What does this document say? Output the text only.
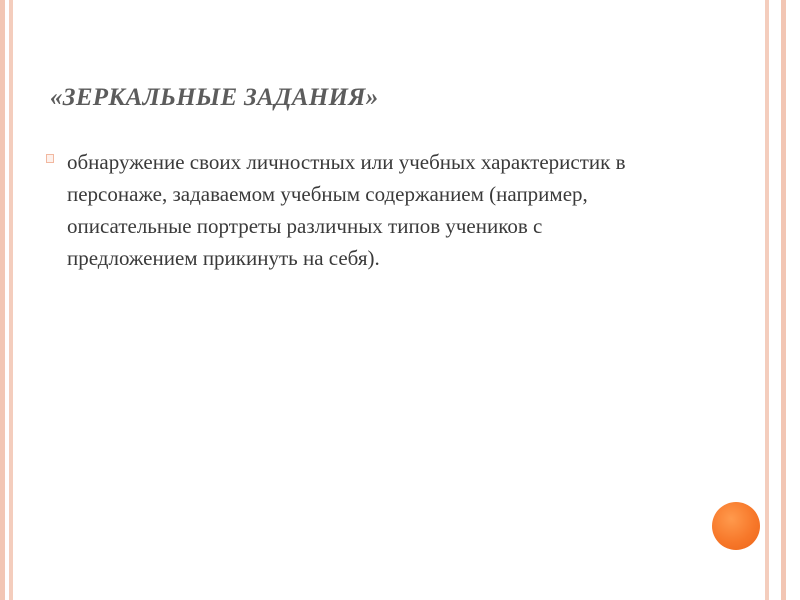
«ЗЕРКАЛЬНЫЕ ЗАДАНИЯ»

обнаружение своих личностных или учебных характеристик в персонаже, задаваемом учебным содержанием (например, описательные портреты различных типов учеников с предложением прикинуть на себя).
